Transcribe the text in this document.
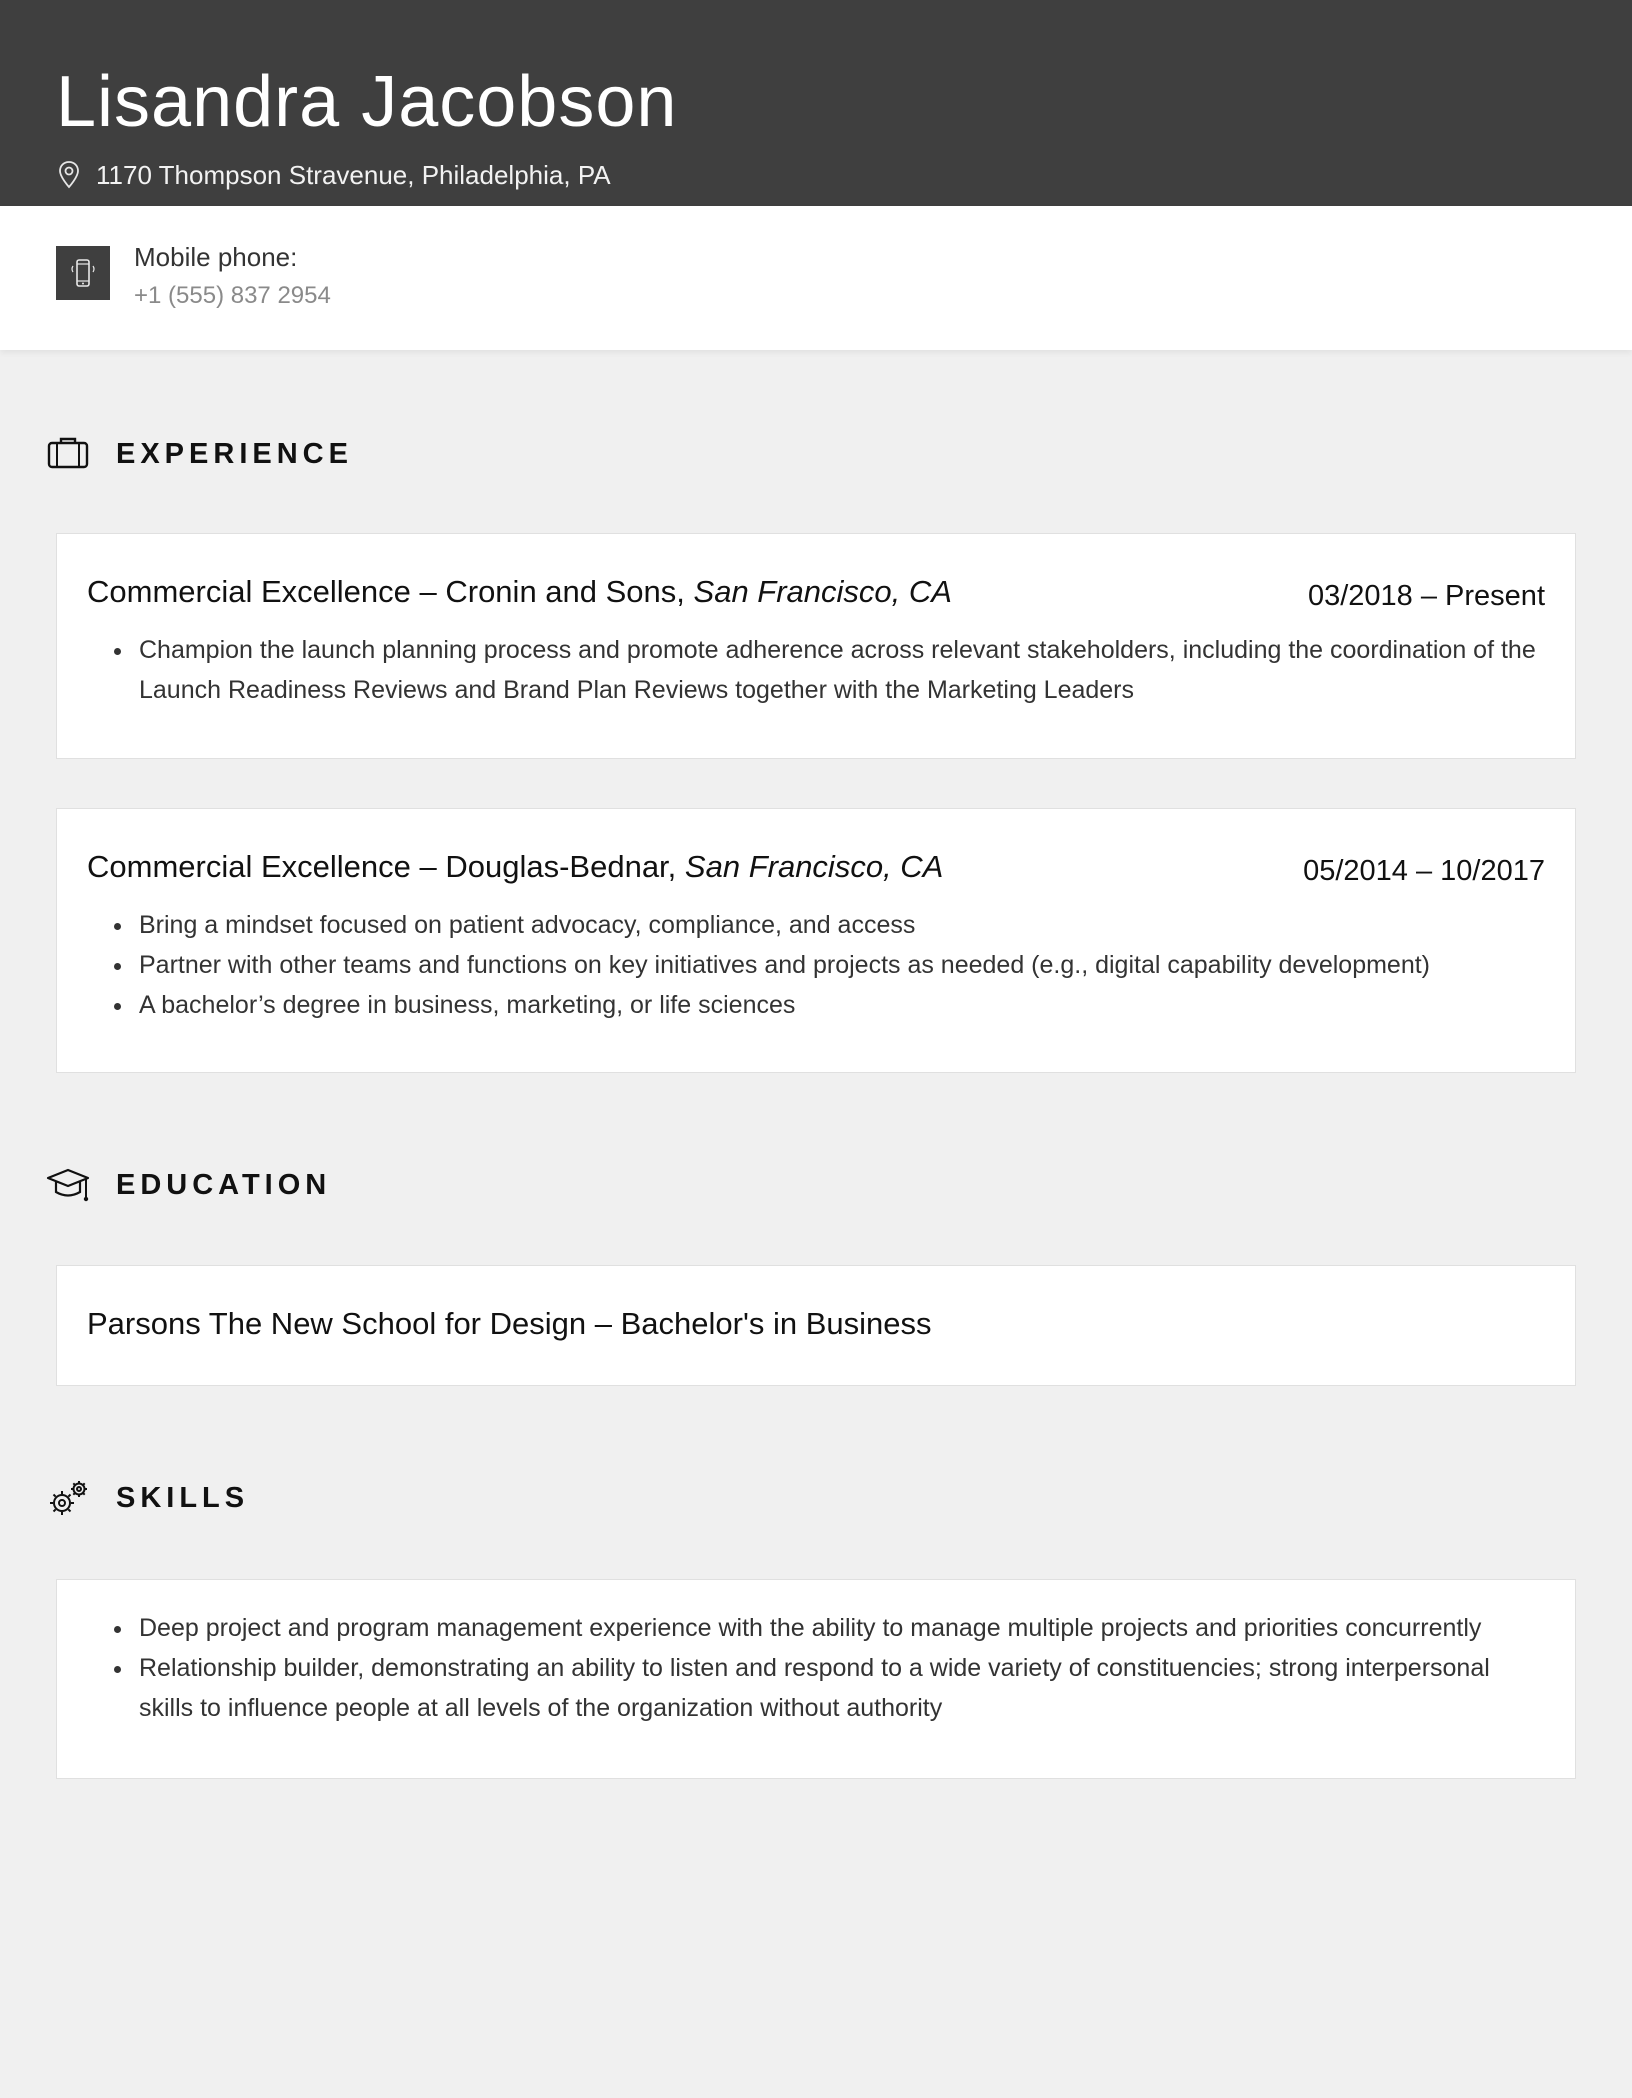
Lisandra Jacobson
1170 Thompson Stravenue, Philadelphia, PA
Mobile phone:
+1 (555) 837 2954
EXPERIENCE
Commercial Excellence – Cronin and Sons, San Francisco, CA	03/2018 – Present
• Champion the launch planning process and promote adherence across relevant stakeholders, including the coordination of the Launch Readiness Reviews and Brand Plan Reviews together with the Marketing Leaders
Commercial Excellence – Douglas-Bednar, San Francisco, CA	05/2014 – 10/2017
• Bring a mindset focused on patient advocacy, compliance, and access
• Partner with other teams and functions on key initiatives and projects as needed (e.g., digital capability development)
• A bachelor’s degree in business, marketing, or life sciences
EDUCATION
Parsons The New School for Design – Bachelor's in Business
SKILLS
• Deep project and program management experience with the ability to manage multiple projects and priorities concurrently
• Relationship builder, demonstrating an ability to listen and respond to a wide variety of constituencies; strong interpersonal skills to influence people at all levels of the organization without authority
